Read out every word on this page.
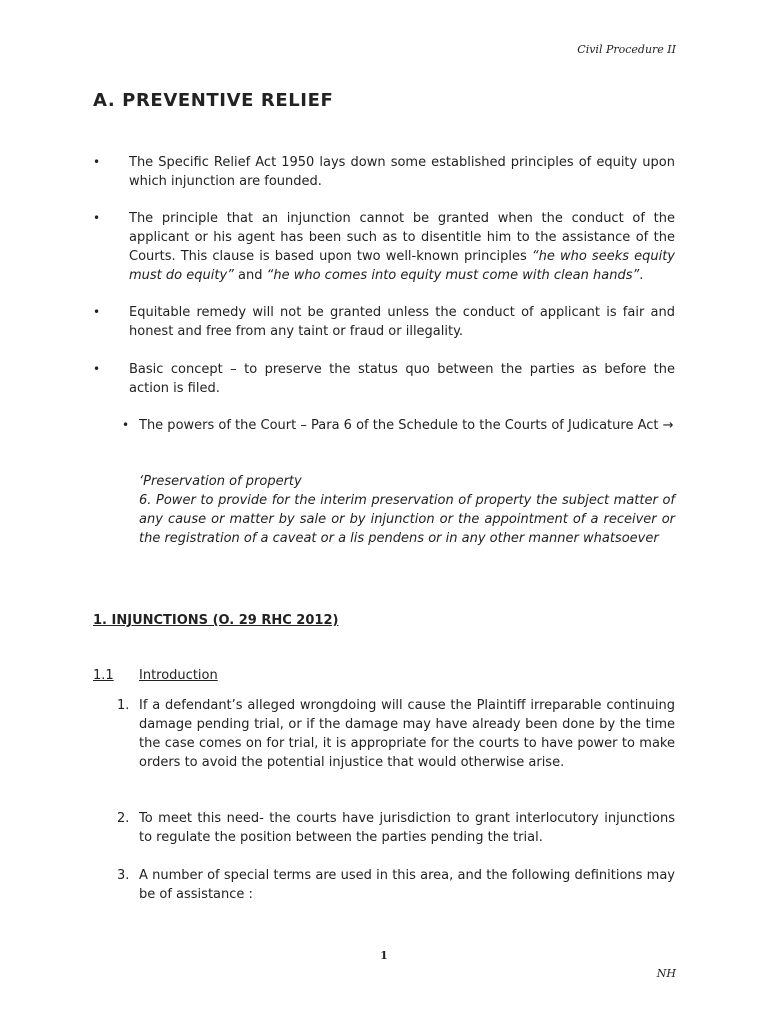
Civil Procedure II
A. PREVENTIVE RELIEF
• The Specific Relief Act 1950 lays down some established principles of equity upon which injunction are founded.
• The principle that an injunction cannot be granted when the conduct of the applicant or his agent has been such as to disentitle him to the assistance of the Courts. This clause is based upon two well-known principles “he who seeks equity must do equity” and “he who comes into equity must come with clean hands”.
• Equitable remedy will not be granted unless the conduct of applicant is fair and honest and free from any taint or fraud or illegality.
• Basic concept – to preserve the status quo between the parties as before the action is filed.
• The powers of the Court – Para 6 of the Schedule to the Courts of Judicature Act →
‘Preservation of property
6. Power to provide for the interim preservation of property the subject matter of any cause or matter by sale or by injunction or the appointment of a receiver or the registration of a caveat or a lis pendens or in any other manner whatsoever
1. INJUNCTIONS (O. 29 RHC 2012)
1.1 Introduction
1. If a defendant’s alleged wrongdoing will cause the Plaintiff irreparable continuing damage pending trial, or if the damage may have already been done by the time the case comes on for trial, it is appropriate for the courts to have power to make orders to avoid the potential injustice that would otherwise arise.
2. To meet this need- the courts have jurisdiction to grant interlocutory injunctions to regulate the position between the parties pending the trial.
3. A number of special terms are used in this area, and the following definitions may be of assistance :
1
NH
